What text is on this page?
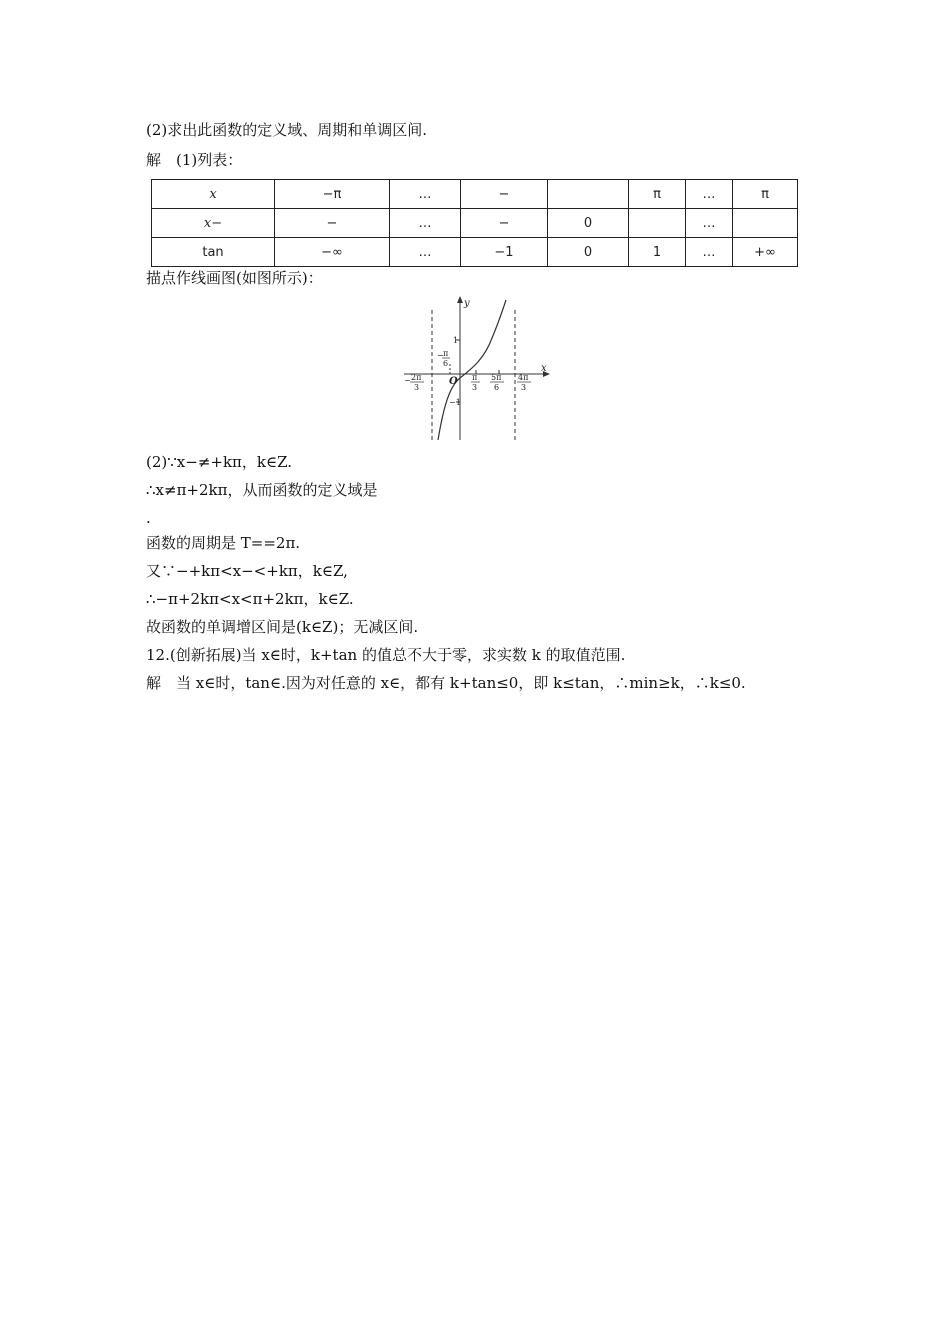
(2)求出此函数的定义域、周期和单调区间.
解　(1)列表：
x	−π	…	−		π	…	π
x−	−	…	−	0		…	
tan	−∞	…	−1	0	1	…	+∞
描点作线画图(如图所示)：
y
x
O
1
−1
− π
6
− 2π
3
π
3
5π
6
4π
3
(2)∵x−≠+kπ，k∈Z.
∴x≠π+2kπ，从而函数的定义域是
.
函数的周期是 T==2π.
又∵−+kπ<x−<+kπ，k∈Z,
∴−π+2kπ<x<π+2kπ，k∈Z.
故函数的单调增区间是(k∈Z)；无减区间.
12.(创新拓展)当 x∈时，k+tan 的值总不大于零，求实数 k 的取值范围.
解　当 x∈时，tan∈.因为对任意的 x∈，都有 k+tan≤0，即 k≤tan，∴min≥k，∴k≤0.
